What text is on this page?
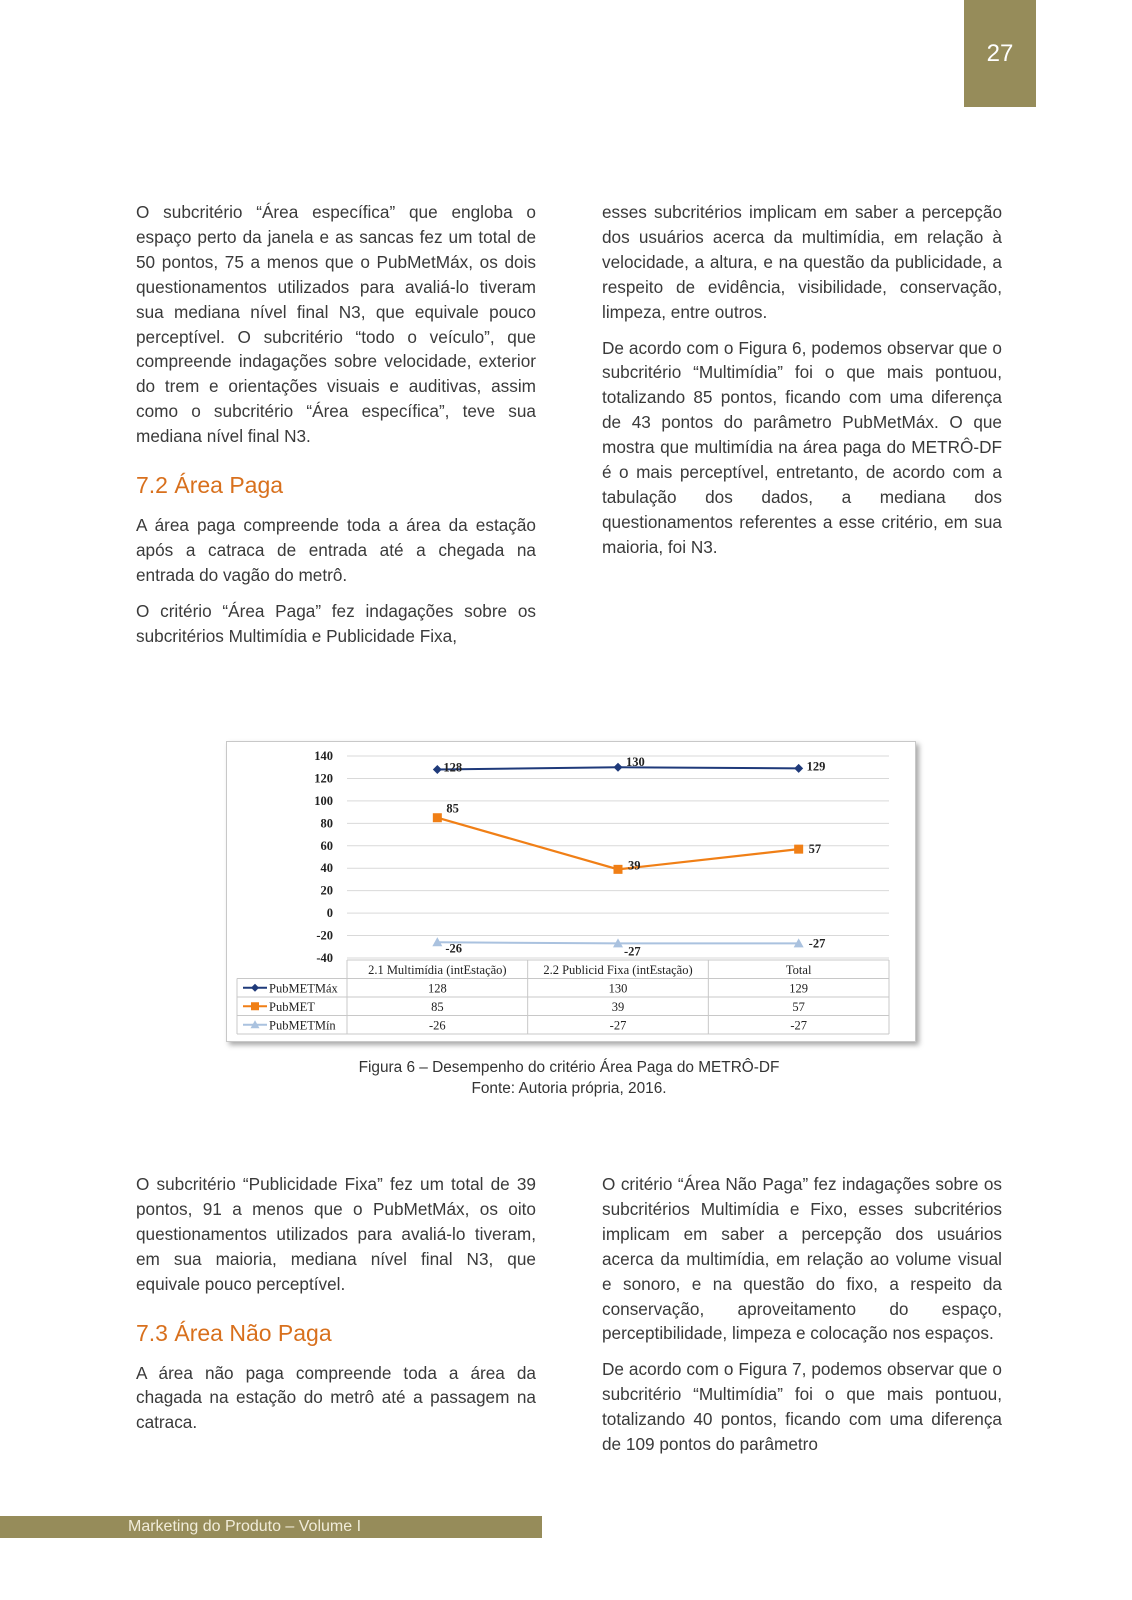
27

O subcritério “Área específica” que engloba o espaço perto da janela e as sancas fez um total de 50 pontos, 75 a menos que o PubMetMáx, os dois questionamentos utilizados para avaliá-lo tiveram sua mediana nível final N3, que equivale pouco perceptível. O subcritério “todo o veículo”, que compreende indagações sobre velocidade, exterior do trem e orientações visuais e auditivas, assim como o subcritério “Área específica”, teve sua mediana nível final N3.

7.2 Área Paga

A área paga compreende toda a área da estação após a catraca de entrada até a chegada na entrada do vagão do metrô.

O critério “Área Paga” fez indagações sobre os subcritérios Multimídia e Publicidade Fixa,

esses subcritérios implicam em saber a percepção dos usuários acerca da multimídia, em relação à velocidade, a altura, e na questão da publicidade, a respeito de evidência, visibilidade, conservação, limpeza, entre outros.

De acordo com o Figura 6, podemos observar que o subcritério “Multimídia” foi o que mais pontuou, totalizando 85 pontos, ficando com uma diferença de 43 pontos do parâmetro PubMetMáx. O que mostra que multimídia na área paga do METRÔ-DF é o mais perceptível, entretanto, de acordo com a tabulação dos dados, a mediana dos questionamentos referentes a esse critério, em sua maioria, foi N3.

140
120
100
80
60
40
20
0
-20
-40
128	130	129
85
39
57
-26	-27
-27
2.1 Multimídia (intEstação)	2.2 Publicid Fixa (intEstação)	Total
PubMETMáx	128	130	129
PubMET	85	39	57
PubMETMín	-26	-27	-27
Figura 6 – Desempenho do critério Área Paga do METRÔ-DF
Fonte: Autoria própria, 2016.

O subcritério “Publicidade Fixa” fez um total de 39 pontos, 91 a menos que o PubMetMáx, os oito questionamentos utilizados para avaliá-lo tiveram, em sua maioria, mediana nível final N3, que equivale pouco perceptível.

7.3 Área Não Paga

A área não paga compreende toda a área da chagada na estação do metrô até a passagem na catraca.

O critério “Área Não Paga” fez indagações sobre os subcritérios Multimídia e Fixo, esses subcritérios implicam em saber a percepção dos usuários acerca da multimídia, em relação ao volume visual e sonoro, e na questão do fixo, a respeito da conservação, aproveitamento do espaço, perceptibilidade, limpeza e colocação nos espaços.

De acordo com o Figura 7, podemos observar que o subcritério “Multimídia” foi o que mais pontuou, totalizando 40 pontos, ficando com uma diferença de 109 pontos do parâmetro

Marketing do Produto – Volume I
